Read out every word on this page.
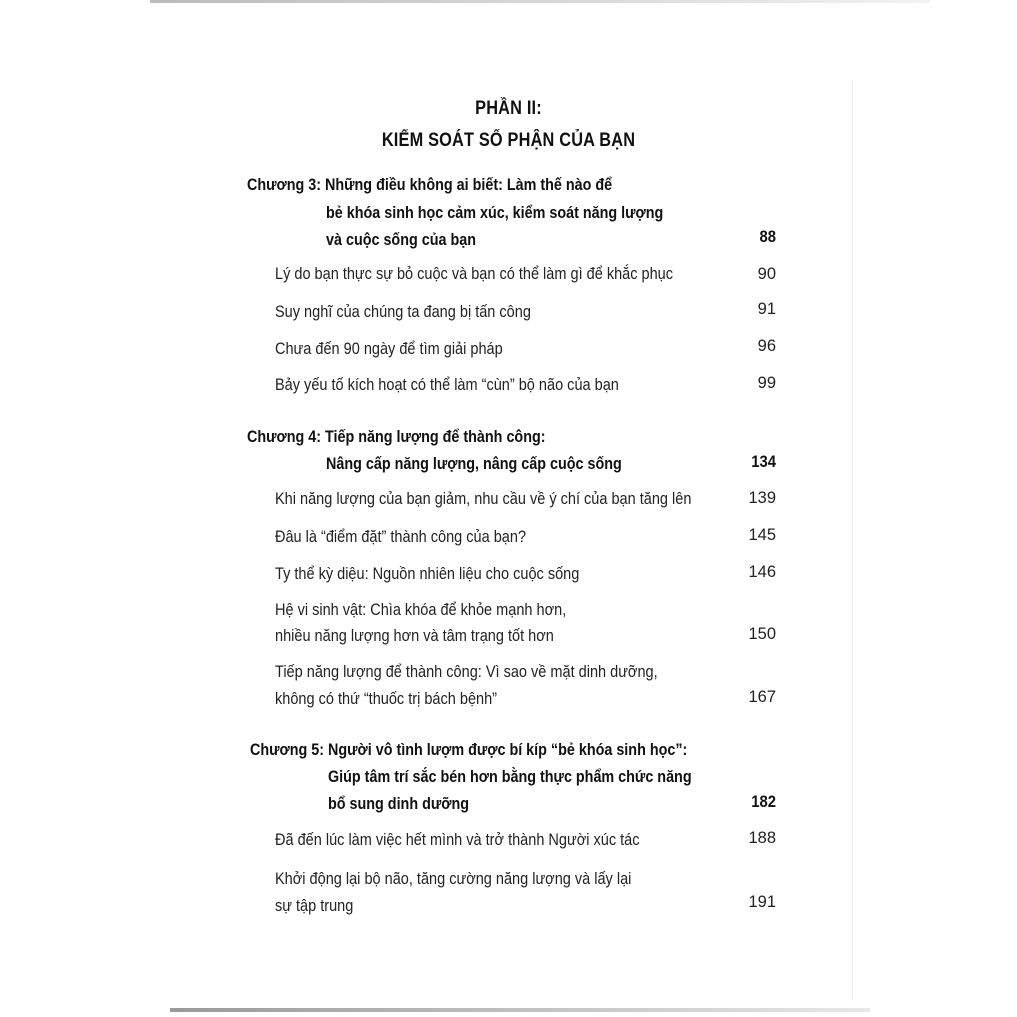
PHẦN II:
KIỂM SOÁT SỐ PHẬN CỦA BẠN
Chương 3: Những điều không ai biết: Làm thế nào để
bẻ khóa sinh học cảm xúc, kiểm soát năng lượng
và cuộc sống của bạn	88
Lý do bạn thực sự bỏ cuộc và bạn có thể làm gì để khắc phục	90
Suy nghĩ của chúng ta đang bị tấn công	91
Chưa đến 90 ngày để tìm giải pháp	96
Bảy yếu tố kích hoạt có thể làm “cùn” bộ não của bạn	99
Chương 4: Tiếp năng lượng để thành công:
Nâng cấp năng lượng, nâng cấp cuộc sống	134
Khi năng lượng của bạn giảm, nhu cầu về ý chí của bạn tăng lên	139
Đâu là “điểm đặt” thành công của bạn?	145
Ty thể kỳ diệu: Nguồn nhiên liệu cho cuộc sống	146
Hệ vi sinh vật: Chìa khóa để khỏe mạnh hơn,
nhiều năng lượng hơn và tâm trạng tốt hơn	150
Tiếp năng lượng để thành công: Vì sao về mặt dinh dưỡng,
không có thứ “thuốc trị bách bệnh”	167
Chương 5: Người vô tình lượm được bí kíp “bẻ khóa sinh học”:
Giúp tâm trí sắc bén hơn bằng thực phẩm chức năng
bổ sung dinh dưỡng	182
Đã đến lúc làm việc hết mình và trở thành Người xúc tác	188
Khởi động lại bộ não, tăng cường năng lượng và lấy lại
sự tập trung	191
